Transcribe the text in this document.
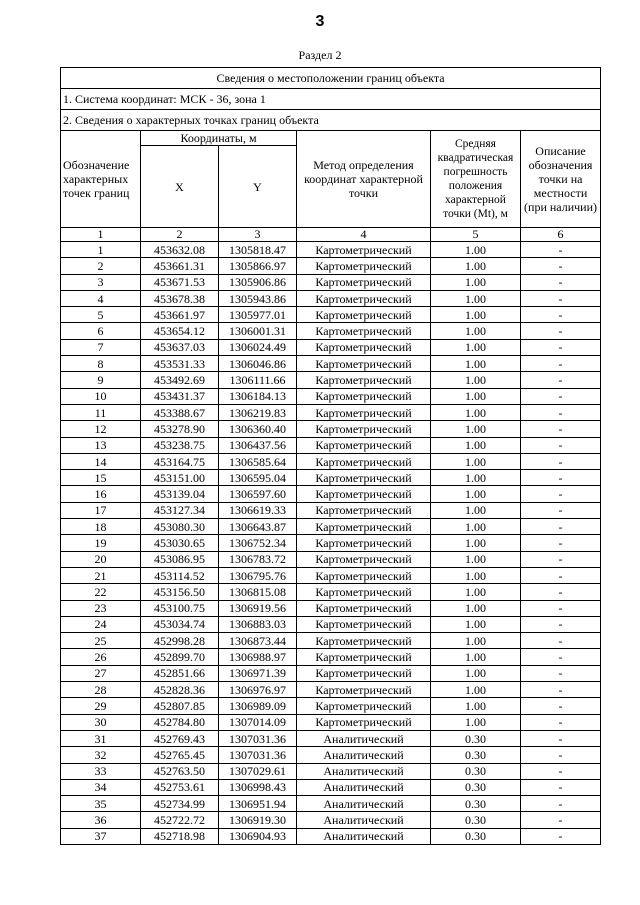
3
Раздел 2
Сведения о местоположении границ объекта					
1. Система координат: МСК - 36, зона 1					
2. Сведения о характерных точках границ объекта					
Обозначение характерных точек границ	Координаты, м		Метод определения координат характерной точки	Средняя квадратическая погрешность положения характерной точки (Mt), м	Описание обозначения точки на местности (при наличии)
	X	Y			
1	2	3	4	5	6
1	453632.08	1305818.47	Картометрический	1.00	-
2	453661.31	1305866.97	Картометрический	1.00	-
3	453671.53	1305906.86	Картометрический	1.00	-
4	453678.38	1305943.86	Картометрический	1.00	-
5	453661.97	1305977.01	Картометрический	1.00	-
6	453654.12	1306001.31	Картометрический	1.00	-
7	453637.03	1306024.49	Картометрический	1.00	-
8	453531.33	1306046.86	Картометрический	1.00	-
9	453492.69	1306111.66	Картометрический	1.00	-
10	453431.37	1306184.13	Картометрический	1.00	-
11	453388.67	1306219.83	Картометрический	1.00	-
12	453278.90	1306360.40	Картометрический	1.00	-
13	453238.75	1306437.56	Картометрический	1.00	-
14	453164.75	1306585.64	Картометрический	1.00	-
15	453151.00	1306595.04	Картометрический	1.00	-
16	453139.04	1306597.60	Картометрический	1.00	-
17	453127.34	1306619.33	Картометрический	1.00	-
18	453080.30	1306643.87	Картометрический	1.00	-
19	453030.65	1306752.34	Картометрический	1.00	-
20	453086.95	1306783.72	Картометрический	1.00	-
21	453114.52	1306795.76	Картометрический	1.00	-
22	453156.50	1306815.08	Картометрический	1.00	-
23	453100.75	1306919.56	Картометрический	1.00	-
24	453034.74	1306883.03	Картометрический	1.00	-
25	452998.28	1306873.44	Картометрический	1.00	-
26	452899.70	1306988.97	Картометрический	1.00	-
27	452851.66	1306971.39	Картометрический	1.00	-
28	452828.36	1306976.97	Картометрический	1.00	-
29	452807.85	1306989.09	Картометрический	1.00	-
30	452784.80	1307014.09	Картометрический	1.00	-
31	452769.43	1307031.36	Аналитический	0.30	-
32	452765.45	1307031.36	Аналитический	0.30	-
33	452763.50	1307029.61	Аналитический	0.30	-
34	452753.61	1306998.43	Аналитический	0.30	-
35	452734.99	1306951.94	Аналитический	0.30	-
36	452722.72	1306919.30	Аналитический	0.30	-
37	452718.98	1306904.93	Аналитический	0.30	-
